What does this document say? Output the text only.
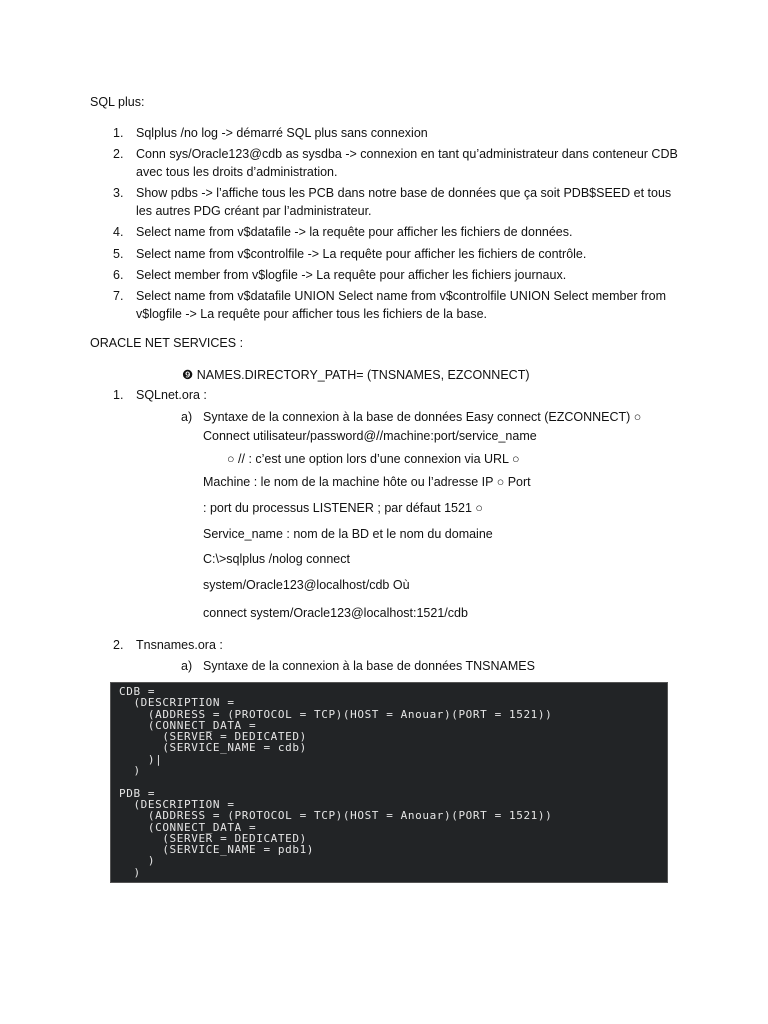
SQL plus:
1. Sqlplus /no log -> démarré SQL plus sans connexion
2. Conn sys/Oracle123@cdb as sysdba -> connexion en tant qu’administrateur dans conteneur CDB
avec tous les droits d’administration.
3. Show pdbs -> l’affiche tous les PCB dans notre base de données que ça soit PDB$SEED et tous
les autres PDG créant par l’administrateur.
4. Select name from v$datafile -> la requête pour afficher les fichiers de données.
5. Select name from v$controlfile -> La requête pour afficher les fichiers de contrôle.
6. Select member from v$logfile -> La requête pour afficher les fichiers journaux.
7. Select name from v$datafile UNION Select name from v$controlfile UNION Select member from
v$logfile -> La requête pour afficher tous les fichiers de la base.
ORACLE NET SERVICES :
❾ NAMES.DIRECTORY_PATH= (TNSNAMES, EZCONNECT)
1. SQLnet.ora :
a) Syntaxe de la connexion à la base de données Easy connect (EZCONNECT) ○
Connect utilisateur/password@//machine:port/service_name
○ // : c’est une option lors d’une connexion via URL ○
Machine : le nom de la machine hôte ou l’adresse IP ○ Port
: port du processus LISTENER ; par défaut 1521 ○
Service_name : nom de la BD et le nom du domaine
C:\>sqlplus /nolog connect
system/Oracle123@localhost/cdb Où
connect system/Oracle123@localhost:1521/cdb
2. Tnsnames.ora :
a) Syntaxe de la connexion à la base de données TNSNAMES
CDB =
(DESCRIPTION =
(ADDRESS = (PROTOCOL = TCP)(HOST = Anouar)(PORT = 1521))
(CONNECT_DATA =
(SERVER = DEDICATED)
(SERVICE_NAME = cdb)
)|
)

PDB =
(DESCRIPTION =
(ADDRESS = (PROTOCOL = TCP)(HOST = Anouar)(PORT = 1521))
(CONNECT_DATA =
(SERVER = DEDICATED)
(SERVICE_NAME = pdb1)
)
)
